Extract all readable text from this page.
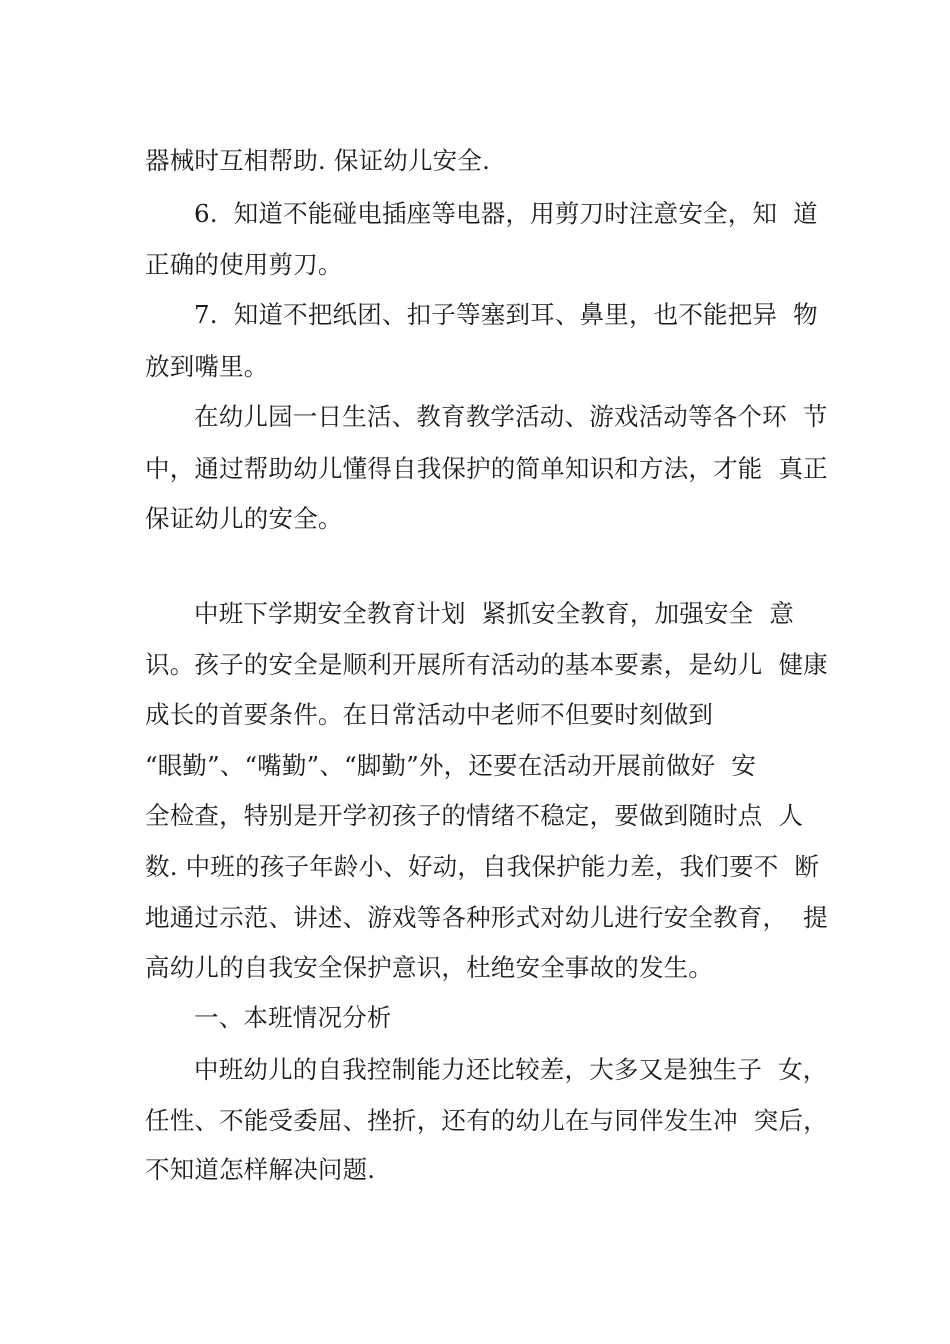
器械时互相帮助. 保证幼儿安全.

6.  知道不能碰电插座等电器，用剪刀时注意安全，知  道

正确的使用剪刀。

7.  知道不把纸团、扣子等塞到耳、鼻里，也不能把异  物

放到嘴里。

在幼儿园一日生活、教育教学活动、游戏活动等各个环  节

中，通过帮助幼儿懂得自我保护的简单知识和方法，才能  真正

保证幼儿的安全。

中班下学期安全教育计划  紧抓安全教育，加强安全  意

识。孩子的安全是顺利开展所有活动的基本要素，是幼儿  健康

成长的首要条件。在日常活动中老师不但要时刻做到

“眼勤”、“嘴勤”、“脚勤”外，还要在活动开展前做好  安

全检查，特别是开学初孩子的情绪不稳定，要做到随时点  人

数. 中班的孩子年龄小、好动，自我保护能力差，我们要不  断

地通过示范、讲述、游戏等各种形式对幼儿进行安全教育，  提

高幼儿的自我安全保护意识，杜绝安全事故的发生。

一、本班情况分析

中班幼儿的自我控制能力还比较差，大多又是独生子  女，

任性、不能受委屈、挫折，还有的幼儿在与同伴发生冲  突后，

不知道怎样解决问题.
